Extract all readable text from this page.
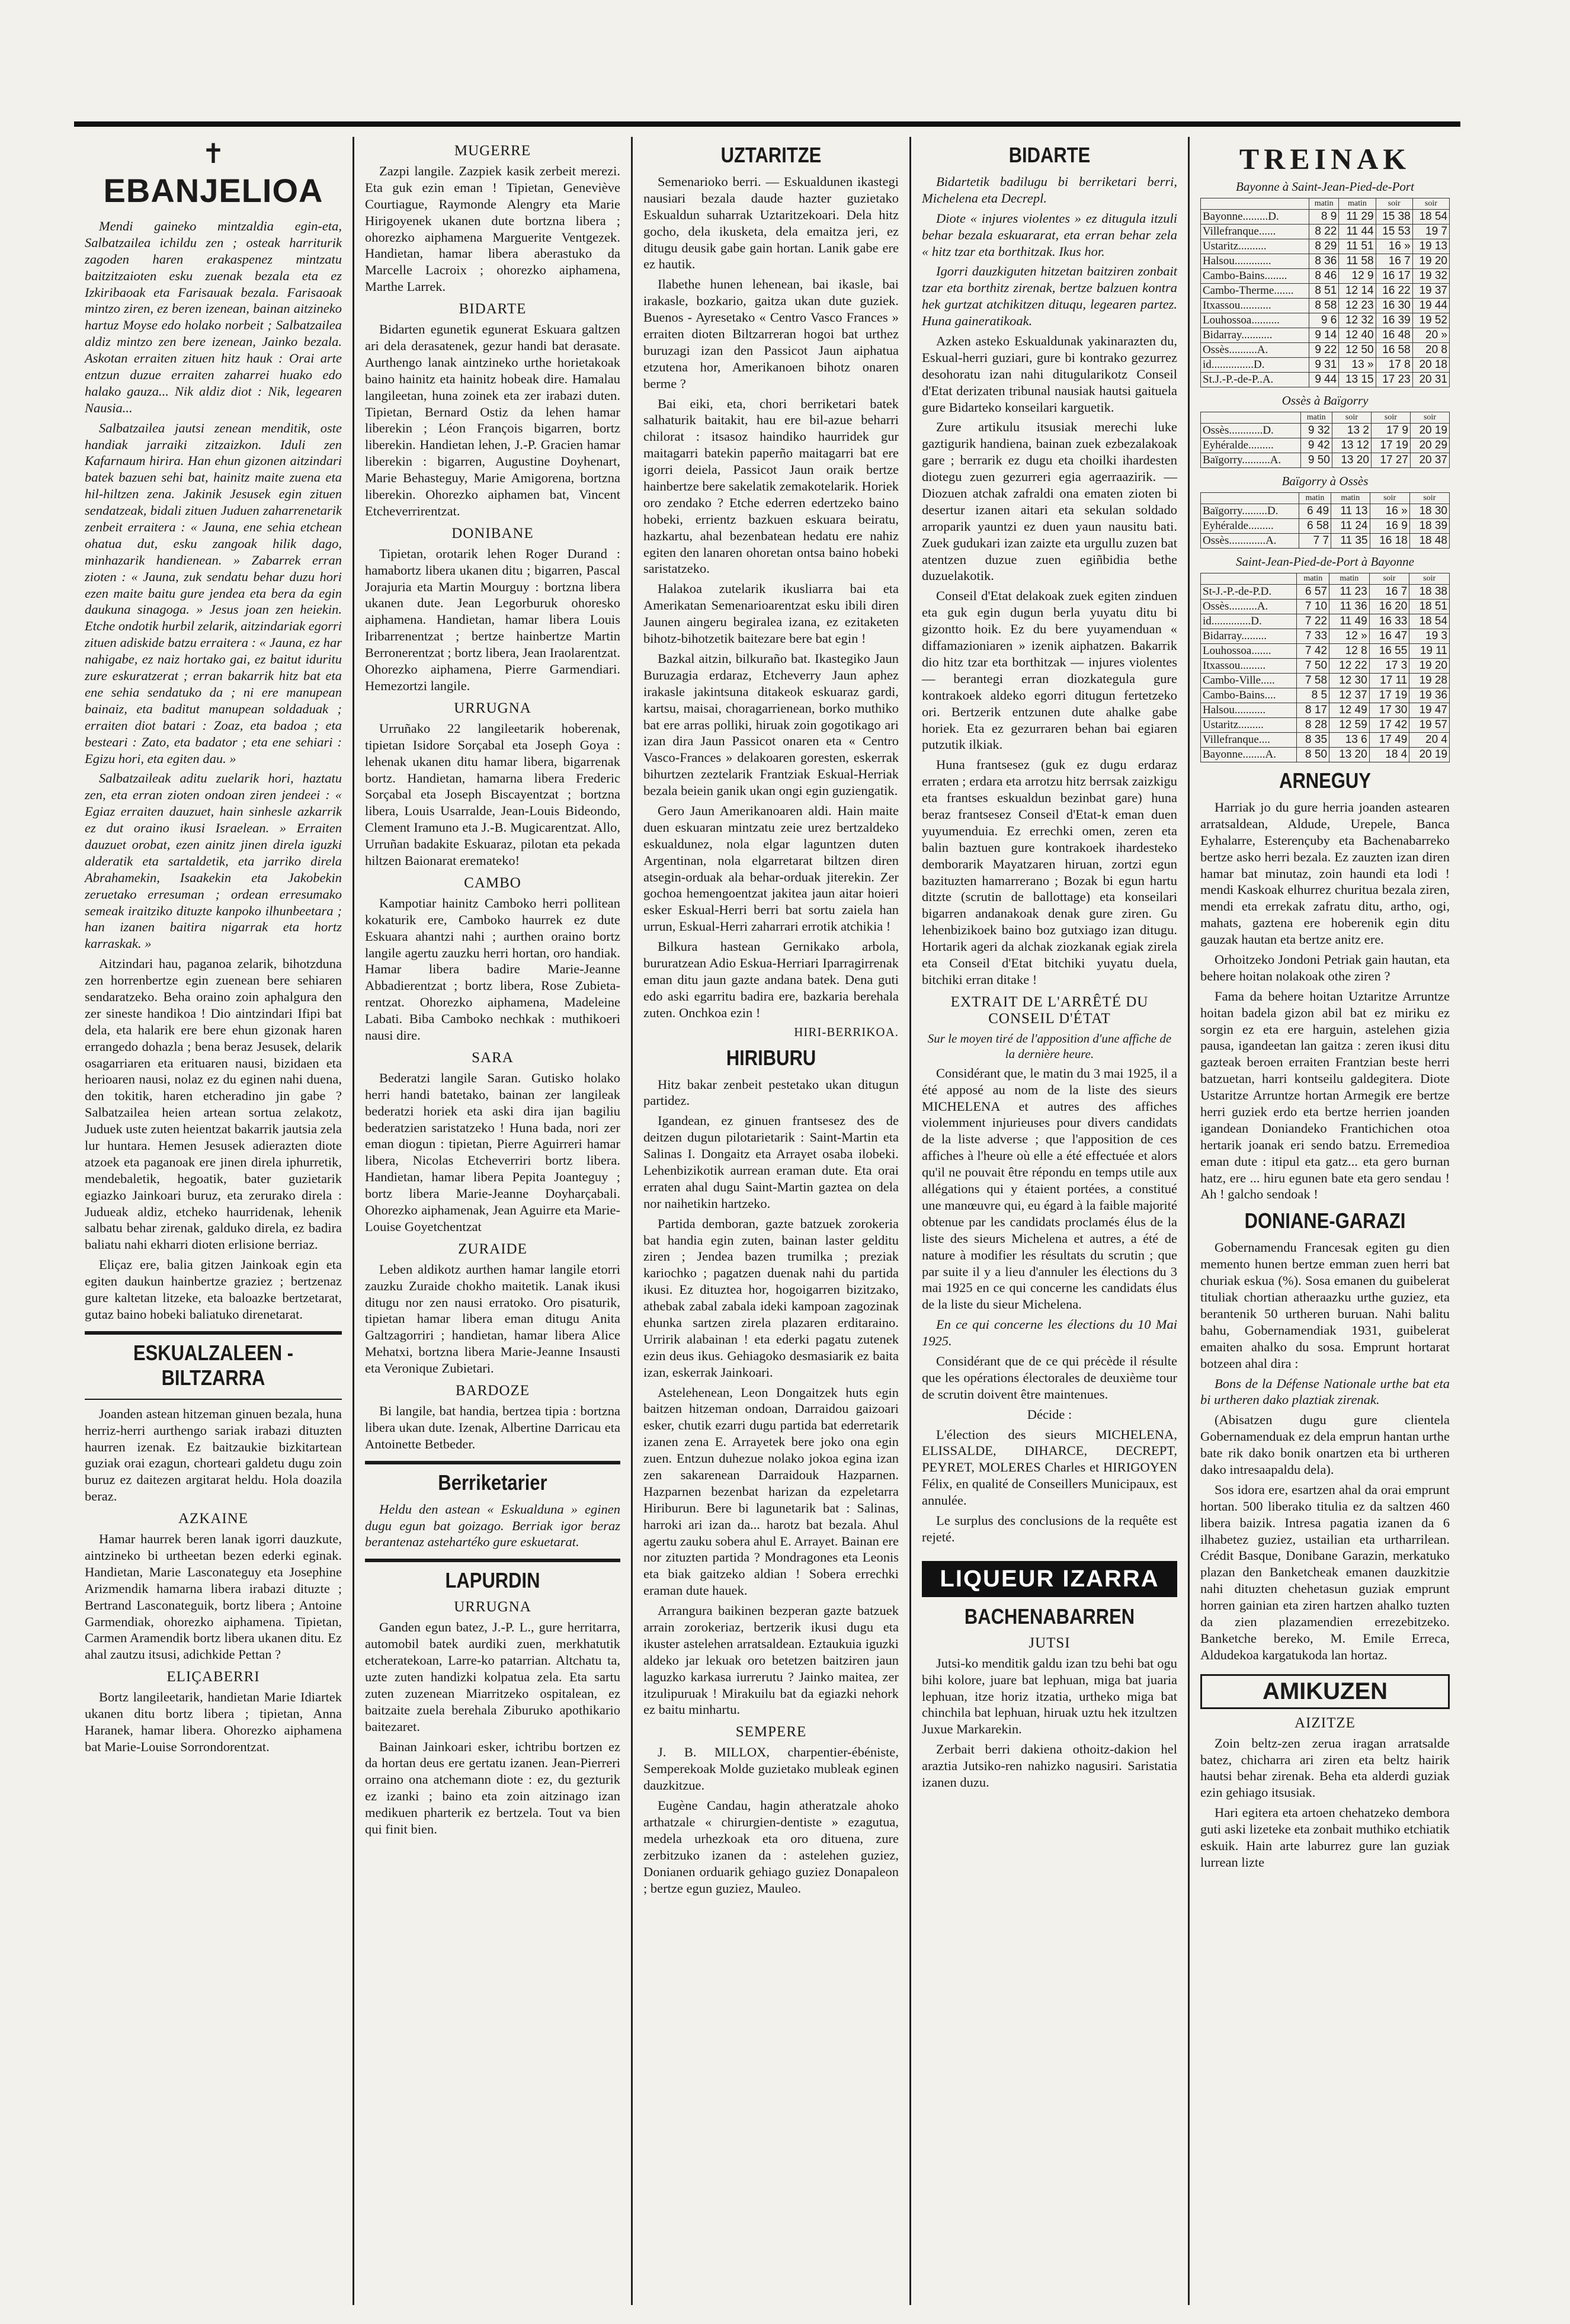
✝
EBANJELIOA

Mendi gaineko mintzaldia egin-eta, Salbatzailea ichildu zen ; osteak harriturik zagoden haren erakaspenez mintzatu baitzitzaioten esku zuenak bezala eta ez Izkiribaoak eta Farisauak bezala. Farisaoak mintzo ziren, ez beren izenean, bainan aitzineko hartuz Moyse edo holako norbeit ; Salbatzailea aldiz mintzo zen bere izenean, Jainko bezala. Askotan erraiten zituen hitz hauk : Orai arte entzun duzue erraiten zaharrei huako edo halako gauza... Nik aldiz diot : Nik, legearen Nausia...

Salbatzailea jautsi zenean menditik, oste handiak jarraiki zitzaizkon. Iduli zen Kafarnaum hirira. Han ehun gizonen aitzindari batek bazuen sehi bat, hainitz maite zuena eta hil-hiltzen zena. Jakinik Jesusek egin zituen sendatzeak, bidali zituen Juduen zaharrenetarik zenbeit erraitera : « Jauna, ene sehia etchean ohatua dut, esku zangoak hilik dago, minhazarik handienean. » Zabarrek erran zioten : « Jauna, zuk sendatu behar duzu hori ezen maite baitu gure jendea eta bera da egin daukuna sinagoga. » Jesus joan zen heiekin. Etche ondotik hurbil zelarik, aitzindariak egorri zituen adiskide batzu erraitera : « Jauna, ez har nahigabe, ez naiz hortako gai, ez baitut iduritu zure eskuratzerat ; erran bakarrik hitz bat eta ene sehia sendatuko da ; ni ere manupean bainaiz, eta baditut manupean soldaduak ; erraiten diot batari : Zoaz, eta badoa ; eta besteari : Zato, eta badator ; eta ene sehiari : Egizu hori, eta egiten dau. »

Salbatzaileak aditu zuelarik hori, haztatu zen, eta erran zioten ondoan ziren jendeei : « Egiaz erraiten dauzuet, hain sinhesle azkarrik ez dut oraino ikusi Israelean. » Erraiten dauzuet orobat, ezen ainitz jinen direla iguzki alderatik eta sartaldetik, eta jarriko direla Abrahamekin, Isaakekin eta Jakobekin zeruetako erresuman ; ordean erresumako semeak iraitziko dituzte kanpoko ilhunbeetara ; han izanen baitira nigarrak eta hortz karraskak. »

Aitzindari hau, paganoa zelarik, bihotzduna zen horrenbertze egin zuenean bere sehiaren sendaratzeko. Beha oraino zoin aphalgura den zer sineste handikoa ! Dio aintzindari Ifipi bat dela, eta halarik ere bere ehun gizonak haren errangedo dohazla ; bena beraz Jesusek, delarik osagarriaren eta erituaren nausi, bizidaen eta herioaren nausi, nolaz ez du eginen nahi duena, den tokitik, haren etcheradino jin gabe ? Salbatzailea heien artean sortua zelakotz, Juduek uste zuten heientzat bakarrik jautsia zela lur huntara. Hemen Jesusek adierazten diote atzoek eta paganoak ere jinen direla iphurretik, mendebaletik, hegoatik, bater guzietarik egiazko Jainkoari buruz, eta zerurako direla : Judueak aldiz, etcheko haurridenak, lehenik salbatu behar zirenak, galduko direla, ez badira baliatu nahi ekharri dioten erlisione berriaz.

Eliçaz ere, balia gitzen Jainkoak egin eta egiten daukun hainbertze graziez ; bertzenaz gure kaltetan litzeke, eta baloazke bertzetarat, gutaz baino hobeki baliatuko direnetarat.

ESKUALZALEEN - BILTZARRA

Joanden astean hitzeman ginuen bezala, huna herriz-herri aurthengo sariak irabazi dituzten haurren izenak. Ez baitzaukie bizkitartean guziak orai ezagun, chorteari galdetu dugu zoin buruz ez daitezen argitarat heldu. Hola doazila beraz.

AZKAINE

Hamar haurrek beren lanak igorri dauzkute, aintzineko bi urtheetan bezen ederki eginak. Handietan, Marie Lasconateguy eta Josephine Arizmendik hamarna libera irabazi dituzte ; Bertrand Lasconateguik, bortz libera ; Antoine Garmendiak, ohorezko aiphamena. Tipietan, Carmen Aramendik bortz libera ukanen ditu. Ez ahal zautzu itsusi, adichkide Pettan ?

ELIÇABERRI

Bortz langileetarik, handietan Marie Idiartek ukanen ditu bortz libera ; tipietan, Anna Haranek, hamar libera. Ohorezko aiphamena bat Marie-Louise Sorrondorentzat.

MUGERRE

Zazpi langile. Zazpiek kasik zerbeit merezi. Eta guk ezin eman ! Tipietan, Geneviève Courtiague, Raymonde Alengry eta Marie Hirigoyenek ukanen dute bortzna libera ; ohorezko aiphamena Marguerite Ventgezek. Handietan, hamar libera aberastuko da Marcelle Lacroix ; ohorezko aiphamena, Marthe Larrek.

BIDARTE

Bidarten egunetik egunerat Eskuara galtzen ari dela derasatenek, gezur handi bat derasate. Aurthengo lanak aintzineko urthe horietakoak baino hainitz eta hainitz hobeak dire. Hamalau langileetan, huna zoinek eta zer irabazi duten. Tipietan, Bernard Ostiz da lehen hamar liberekin ; Léon François bigarren, bortz liberekin. Handietan lehen, J.-P. Gracien hamar liberekin : bigarren, Augustine Doyhenart, Marie Behasteguy, Marie Amigorena, bortzna liberekin. Ohorezko aiphamen bat, Vincent Etcheverrirentzat.

DONIBANE

Tipietan, orotarik lehen Roger Durand : hamabortz libera ukanen ditu ; bigarren, Pascal Jorajuria eta Martin Mourguy : bortzna libera ukanen dute. Jean Legorburuk ohoresko aiphamena. Handietan, hamar libera Louis Iribarrenentzat ; bertze hainbertze Martin Berronerentzat ; bortz libera, Jean Iraolarentzat. Ohorezko aiphamena, Pierre Garmendiari. Hemezortzi langile.

URRUGNA

Urruñako 22 langileetarik hoberenak, tipietan Isidore Sorçabal eta Joseph Goya : lehenak ukanen ditu hamar libera, bigarrenak bortz. Handietan, hamarna libera Frederic Sorçabal eta Joseph Biscayentzat ; bortzna libera, Louis Usarralde, Jean-Louis Bideondo, Clement Iramuno eta J.-B. Mugicarentzat. Allo, Urruñan badakite Eskuaraz, pilotan eta pekada hiltzen Baionarat erematekoǃ

CAMBO

Kampotiar hainitz Camboko herri pollitean kokaturik ere, Camboko haurrek ez dute Eskuara ahantzi nahi ; aurthen oraino bortz langile agertu zauzku herri hortan, oro handiak. Hamar libera badire Marie-Jeanne Abbadierentzat ; bortz libera, Rose Zubietarentzat. Ohorezko aiphamena, Madeleine Labati. Biba Camboko nechkak : muthikoeri nausi dire.

SARA

Bederatzi langile Saran. Gutisko holako herri handi batetako, bainan zer langileak bederatzi horiek eta aski dira ijan bagiliu bederatzien saristatzeko ! Huna bada, nori zer eman diogun : tipietan, Pierre Aguirreri hamar libera, Nicolas Etcheverriri bortz libera. Handietan, hamar libera Pepita Joanteguy ; bortz libera Marie-Jeanne Doyharçabali. Ohorezko aiphamenak, Jean Aguirre eta Marie-Louise Goyetchentzat

ZURAIDE

Leben aldikotz aurthen hamar langile etorri zauzku Zuraide chokho maitetik. Lanak ikusi ditugu nor zen nausi erratoko. Oro pisaturik, tipietan hamar libera eman ditugu Anita Galtzagorriri ; handietan, hamar libera Alice Mehatxi, bortzna libera Marie-Jeanne Insausti eta Veronique Zubietari.

BARDOZE

Bi langile, bat handia, bertzea tipia : bortzna libera ukan dute. Izenak, Albertine Darricau eta Antoinette Betbeder.

Berriketarier

Heldu den astean « Eskualduna » eginen dugu egun bat goizago. Berriak igor beraz berantenaz astehartéko gure eskuetarat.

LAPURDIN
URRUGNA

Ganden egun batez, J.-P. L., gure herritarra, automobil batek aurdiki zuen, merkhatutik etcheratekoan, Larre-ko patarrian. Altchatu ta, uzte zuten handizki kolpatua zela. Eta sartu zuten zuzenean Miarritzeko ospitalean, ez baitzaite zuela berehala Ziburuko apothikario baitezaret.

Bainan Jainkoari esker, ichtribu bortzen ez da hortan deus ere gertatu izanen. Jean-Pierreri orraino ona atchemann diote : ez, du gezturik ez izanki ; baino eta zoin aitzinago izan medikuen pharterik ez bertzela. Tout va bien qui finit bien.

UZTARITZE

Semenarioko berri. — Eskualdunen ikastegi nausiari bezala daude hazter guzietako Eskualdun suharrak Uztaritzekoari. Dela hitz gocho, dela ikusketa, dela emaitza jeri, ez ditugu deusik gabe gain hortan. Lanik gabe ere ez hautik.

Ilabethe hunen lehenean, bai ikasle, bai irakasle, bozkario, gaitza ukan dute guziek. Buenos - Ayresetako « Centro Vasco Frances » erraiten dioten Biltzarreran hogoi bat urthez buruzagi izan den Passicot Jaun aiphatua etzutena hor, Amerikanoen bihotz onaren berme ?

Bai eiki, eta, chori berriketari batek salhaturik baitakit, hau ere bil-azue beharri chilorat : itsasoz haindiko haurridek gur maitagarri batekin paperño maitagarri bat ere igorri deiela, Passicot Jaun oraik bertze hainbertze bere sakelatik zemakotelarik. Horiek oro zendako ? Etche ederren edertzeko baino hobeki, errientz bazkuen eskuara beiratu, hazkartu, ahal bezenbatean hedatu ere nahiz egiten den lanaren ohoretan ontsa baino hobeki saristatzeko.

Halakoa zutelarik ikusliarra bai eta Amerikatan Semenarioarentzat esku ibili diren Jaunen aingeru begiralea izana, ez ezitaketen bihotz-bihotzetik baitezare bere bat egin !

Bazkal aitzin, bilkuraño bat. Ikastegiko Jaun Buruzagia erdaraz, Etcheverry Jaun aphez irakasle jakintsuna ditakeok eskuaraz gardi, kartsu, maisai, choragarrienean, borko muthiko bat ere arras polliki, hiruak zoin gogotikago ari izan dira Jaun Passicot onaren eta « Centro Vasco-Frances » delakoaren goresten, eskerrak bihurtzen zeztelarik Frantziak Eskual-Herriak bezala beiein ganik ukan ongi egin guziengatik.

Gero Jaun Amerikanoaren aldi. Hain maite duen eskuaran mintzatu zeie urez bertzaldeko eskualdunez, nola elgar laguntzen duten Argentinan, nola elgarretarat biltzen diren atsegin-orduak ala behar-orduak jiterekin. Zer gochoa hemengoentzat jakitea jaun aitar hoieri esker Eskual-Herri berri bat sortu zaiela han urrun, Eskual-Herri zaharrari errotik atchikia !

Bilkura hastean Gernikako arbola, bururatzean Adio Eskua-Herriari Iparragirrenak eman ditu jaun gazte andana batek. Dena guti edo aski egarritu badira ere, bazkaria berehala zuten. Onchkoa ezin !

HIRI-BERRIKOA.
HIRIBURU

Hitz bakar zenbeit pestetako ukan ditugun partidez.

Igandean, ez ginuen frantsesez des de deitzen dugun pilotarietarik : Saint-Martin eta Salinas I. Dongaitz eta Arrayet osaba ilobeki. Lehenbizikotik aurrean eraman dute. Eta orai erraten ahal dugu Saint-Martin gaztea on dela nor naihetikin hartzeko.

Partida demboran, gazte batzuek zorokeria bat handia egin zuten, bainan laster gelditu ziren ; Jendea bazen trumilka ; preziak kariochko ; pagatzen duenak nahi du partida ikusi. Ez dituztea hor, hogoigarren bizitzako, athebak zabal zabala ideki kampoan zagozinak ehunka sartzen zirela plazaren erditaraino. Urririk alabainan ! eta ederki pagatu zutenek ezin deus ikus. Gehiagoko desmasiarik ez baita izan, eskerrak Jainkoari.

Astelehenean, Leon Dongaitzek huts egin baitzen hitzeman ondoan, Darraidou gaizoari esker, chutik ezarri dugu partida bat ederretarik izanen zena E. Arrayetek bere joko ona egin zuen. Entzun duhezue nolako jokoa egina izan zen sakarenean Darraidouk Hazparnen. Hazparnen bezenbat harizan da ezpeletarra Hiriburun. Bere bi lagunetarik bat : Salinas, harroki ari izan da... harotz bat bezala. Ahul agertu zauku sobera ahul E. Arrayet. Bainan ere nor zituzten partida ? Mondragones eta Leonis eta biak gaitzeko aldian ! Sobera errechki eraman dute hauek.

Arrangura baikinen bezperan gazte batzuek arrain zorokeriaz, bertzerik ikusi dugu eta ikuster astelehen arratsaldean. Eztaukuia iguzki aldeko jar lekuak oro betetzen baitziren jaun laguzko karkasa iurrerutu ? Jainko maitea, zer itzulipuruak ! Mirakuilu bat da egiazki nehork ez baitu minhartu.

SEMPERE

J. B. MILLOX, charpentier-ébéniste, Semperekoak Molde guzietako mubleak eginen dauzkitzue.

Eugène Candau, hagin atheratzale ahoko arthatzale « chirurgien-dentiste » ezagutua, medela urhezkoak eta oro dituena, zure zerbitzuko izanen da : astelehen guziez, Donianen orduarik gehiago guziez Donapaleon ; bertze egun guziez, Mauleo.

BIDARTE

Bidartetik badilugu bi berriketari berri, Michelena eta Decrepl.

Diote « injures violentes » ez ditugula itzuli behar bezala eskuararat, eta erran behar zela « hitz tzar eta borthitzak. Ikus hor.

Igorri dauzkiguten hitzetan baitziren zonbait tzar eta borthitz zirenak, bertze balzuen kontra hek gurtzat atchikitzen dituqu, legearen partez. Huna gaineratikoak.

Azken asteko Eskualdunak yakinarazten du, Eskual-herri guziari, gure bi kontrako gezurrez desohoratu izan nahi ditugularikotz Conseil d'Etat derizaten tribunal nausiak hautsi gaituela gure Bidarteko konseilari karguetik.

Zure artikulu itsusiak merechi luke gaztigurik handiena, bainan zuek ezbezalakoak gare ; berrarik ez dugu eta choilki ihardesten diotegu zuen gezurreri egia agerraazirik. — Diozuen atchak zafraldi ona ematen zioten bi desertur izanen aitari eta sekulan soldado arroparik yauntzi ez duen yaun nausitu bati. Zuek gudukari izan zaizte eta urgullu zuzen bat atentzen duzue zuen egiñbidia bethe duzuelakotik.

Conseil d'Etat delakoak zuek egiten zinduen eta guk egin dugun berla yuyatu ditu bi gizontto hoik. Ez du bere yuyamenduan « diffamazioniaren » izenik aiphatzen. Bakarrik dio hitz tzar eta borthitzak — injures violentes — berantegi erran diozkategula gure kontrakoek aldeko egorri ditugun fertetzeko ori. Bertzerik entzunen dute ahalke gabe horiek. Eta ez gezurraren behan bai egiaren putzutik ilkiak.

Huna frantsesez (guk ez dugu erdaraz erraten ; erdara eta arrotzu hitz berrsak zaizkigu eta frantses eskualdun bezinbat gare) huna beraz frantsesez Conseil d'Etat-k eman duen yuyumenduia. Ez errechki omen, zeren eta balin baztuen gure kontrakoek ihardesteko demborarik Mayatzaren hiruan, zortzi egun bazituzten hamarrerano ; Bozak bi egun hartu ditzte (scrutin de ballottage) eta konseilari bigarren andanakoak denak gure ziren. Gu lehenbizikoek baino boz gutxiago izan ditugu. Hortarik ageri da alchak ziozkanak egiak zirela eta Conseil d'Etat bitchiki yuyatu duela, bitchiki erran ditake !

EXTRAIT DE L'ARRÊTÉ DU CONSEIL D'ÉTAT

Sur le moyen tiré de l'apposition d'une affiche de la dernière heure.

Considérant que, le matin du 3 mai 1925, il a été apposé au nom de la liste des sieurs MICHELENA et autres des affiches violemment injurieuses pour divers candidats de la liste adverse ; que l'apposition de ces affiches à l'heure où elle a été effectuée et alors qu'il ne pouvait être répondu en temps utile aux allégations qui y étaient portées, a constitué une manœuvre qui, eu égard à la faible majorité obtenue par les candidats proclamés élus de la liste des sieurs Michelena et autres, a été de nature à modifier les résultats du scrutin ; que par suite il y a lieu d'annuler les élections du 3 mai 1925 en ce qui concerne les candidats élus de la liste du sieur Michelena.

En ce qui concerne les élections du 10 Mai 1925.

Considérant que de ce qui précède il résulte que les opérations électorales de deuxième tour de scrutin doivent être maintenues.

Décide :

L'élection des sieurs MICHELENA, ELISSALDE, DIHARCE, DECREPT, PEYRET, MOLERES Charles et HIRIGOYEN Félix, en qualité de Conseillers Municipaux, est annulée.

Le surplus des conclusions de la requête est rejeté.

LIQUEUR IZARRA
BACHENABARREN
JUTSI

Jutsi-ko menditik galdu izan tzu behi bat ogu bihi kolore, juare bat lephuan, miga bat juaria lephuan, itze horiz itzatia, urtheko miga bat chinchila bat lephuan, hiruak uztu hek itzultzen Juxue Markarekin.

Zerbait berri dakiena othoitz-dakion hel araztia Jutsiko-ren nahizko nagusiri. Saristatia izanen duzu.

TREINAK
Bayonne à Saint-Jean-Pied-de-Port
	matin	matin	soir	soir
Bayonne.........D.	8 9	11 29	15 38	18 54
Villefranque......	8 22	11 44	15 53	19 7
Ustaritz..........	8 29	11 51	16 »	19 13
Halsou.............	8 36	11 58	16 7	19 20
Cambo-Bains........	8 46	12 9	16 17	19 32
Cambo-Therme.......	8 51	12 14	16 22	19 37
Itxassou...........	8 58	12 23	16 30	19 44
Louhossoa..........	9 6	12 32	16 39	19 52
Bidarray...........	9 14	12 40	16 48	20 »
Ossès..........A.	9 22	12 50	16 58	20 8
id...............D.	9 31	13 »	17 8	20 18
St.J.-P.-de-P..A.	9 44	13 15	17 23	20 31
Ossès à Baïgorry
	matin	soir	soir	soir
Ossès............D.	9 32	13 2	17 9	20 19
Eyhéralde.........	9 42	13 12	17 19	20 29
Baïgorry..........A.	9 50	13 20	17 27	20 37
Baïgorry à Ossès
	matin	matin	soir	soir
Baïgorry.........D.	6 49	11 13	16 »	18 30
Eyhéralde.........	6 58	11 24	16 9	18 39
Ossès.............A.	7 7	11 35	16 18	18 48
Saint-Jean-Pied-de-Port à Bayonne
	matin	matin	soir	soir
St-J.-P.-de-P.D.	6 57	11 23	16 7	18 38
Ossès..........A.	7 10	11 36	16 20	18 51
id..............D.	7 22	11 49	16 33	18 54
Bidarray.........	7 33	12 »	16 47	19 3
Louhossoa.......	7 42	12 8	16 55	19 11
Itxassou.........	7 50	12 22	17 3	19 20
Cambo-Ville.....	7 58	12 30	17 11	19 28
Cambo-Bains....	8 5	12 37	17 19	19 36
Halsou...........	8 17	12 49	17 30	19 47
Ustaritz.........	8 28	12 59	17 42	19 57
Villefranque....	8 35	13 6	17 49	20 4
Bayonne........A.	8 50	13 20	18 4	20 19
ARNEGUY

Harriak jo du gure herria joanden astearen arratsaldean, Aldude, Urepele, Banca Eyhalarre, Esterençuby eta Bachenabarreko bertze asko herri bezala. Ez zauzten izan diren hamar bat minutaz, zoin haundi eta lodi ! mendi Kaskoak elhurrez churitua bezala ziren, mendi eta errekak zafratu ditu, artho, ogi, mahats, gaztena ere hoberenik egin ditu gauzak hautan eta bertze anitz ere.

Orhoitzeko Jondoni Petriak gain hautan, eta behere hoitan nolakoak othe ziren ?

Fama da behere hoitan Uztaritze Arruntze hoitan badela gizon abil bat ez miriku ez sorgin ez eta ere harguin, astelehen gizia pausa, igandeetan lan gaitza : zeren ikusi ditu gazteak beroen erraiten Frantzian beste herri batzuetan, harri kontseilu galdegitera. Diote Ustaritze Arruntze hortan Armegik ere bertze herri guziek erdo eta bertze herrien joanden igandean Doniandeko Frantichichen otoa hertarik joanak eri sendo batzu. Erremedioa eman dute : itipul eta gatz... eta gero burnan hatz, ere ... hiru egunen bate eta gero sendau ! Ah ! galcho sendoak !

DONIANE-GARAZI

Gobernamendu Francesak egiten gu dien memento hunen bertze emman zuen herri bat churiak eskua (%). Sosa emanen du guibelerat tituliak chortian atheraazku urthe guziez, eta berantenik 50 urtheren buruan. Nahi balitu bahu, Gobernamendiak 1931, guibelerat emaiten ahalko du sosa. Emprunt hortarat botzeen ahal dira :

Bons de la Défense Nationale urthe bat eta bi urtheren dako plaztiak zirenak.

(Abisatzen dugu gure clientela Gobernamenduak ez dela emprun hantan urthe bate rik dako bonik onartzen eta bi urtheren dako intresaapaldu dela).

Sos idora ere, esartzen ahal da orai emprunt hortan. 500 liberako titulia ez da saltzen 460 libera baizik. Intresa pagatia izanen da 6 ilhabetez guziez, ustailian eta urtharrilean. Crédit Basque, Donibane Garazin, merkatuko plazan den Banketcheak emanen dauzkitzie nahi dituzten chehetasun guziak emprunt horren gainian eta ziren hartzen ahalko tuzten da zien plazamendien errezebitzeko. Banketche bereko, M. Emile Erreca, Aldudekoa kargatukoda lan hortaz.

AMIKUZEN
AIZITZE

Zoin beltz-zen zerua iragan arratsalde batez, chicharra ari ziren eta beltz hairik hautsi behar zirenak. Beha eta alderdi guziak ezin gehiago itsusiak.

Hari egitera eta artoen chehatzeko dembora guti aski lizeteke eta zonbait muthiko etchiatik eskuik. Hain arte laburrez gure lan guziak lurrean lizte
